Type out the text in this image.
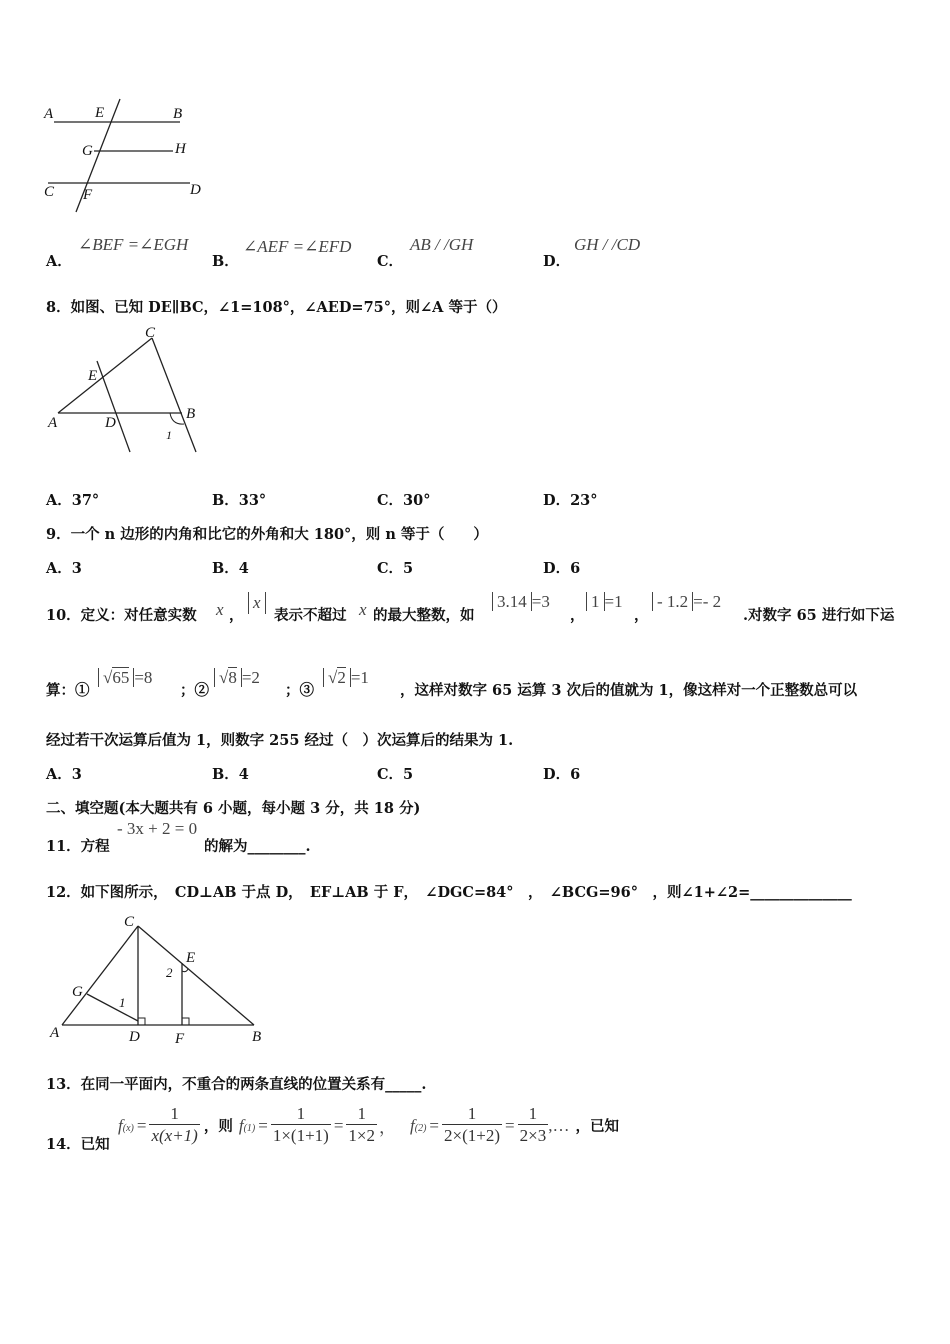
A	E	B
G	H
C F	D
A．
∠BEF =∠EGH
B．
∠AEF =∠EFD
C．
AB / /GH
D．
GH / /CD
8．如图、已知 DE∥BC，∠1=108°，∠AED=75°，则∠A 等于（）
C
E
A	D
B
1
A．37°	B．33°	C．30°	D．23°
9．一个 n 边形的内角和比它的外角和大 180°，则 n 等于（　　）
A．3	B．4	C．5	D．6
10．定义：对任意实数 x ，
x
表示不超过 x 的最大整数，如
3.14 =3
，
1 =1
，
- 1.2 =- 2
.对数字 65 进行如下运
算：①
√65 =8
；②
√8 =2
；③
√2 =1
，这样对数字 65 运算 3 次后的值就为 1，像这样对一个正整数总可以
经过若干次运算后值为 1，则数字 255 经过（　）次运算后的结果为 1.
A．3	B．4	C．5	D．6
二、填空题(本大题共有 6 小题，每小题 3 分，共 18 分)
11．方程
- 3x + 2 = 0
的解为________.
12．如下图所示，　CD⊥AB 于点 D，　EF⊥AB 于 F，　∠DGC=84°　，　∠BCG=96°　，则∠1+∠2=______________
C
E
2
G
1
A	D F	B
13．在同一平面内，不重合的两条直线的位置关系有_____.
14．已知
$f(x) = \frac{1}{x(x+1)}$ ，则 $f(1) = \frac{1}{1\times(1+1)} = \frac{1}{1\times 2}$ ， $f(2) = \frac{1}{2\times(1+2)} = \frac{1}{2\times 3}$ ,… ，已知
